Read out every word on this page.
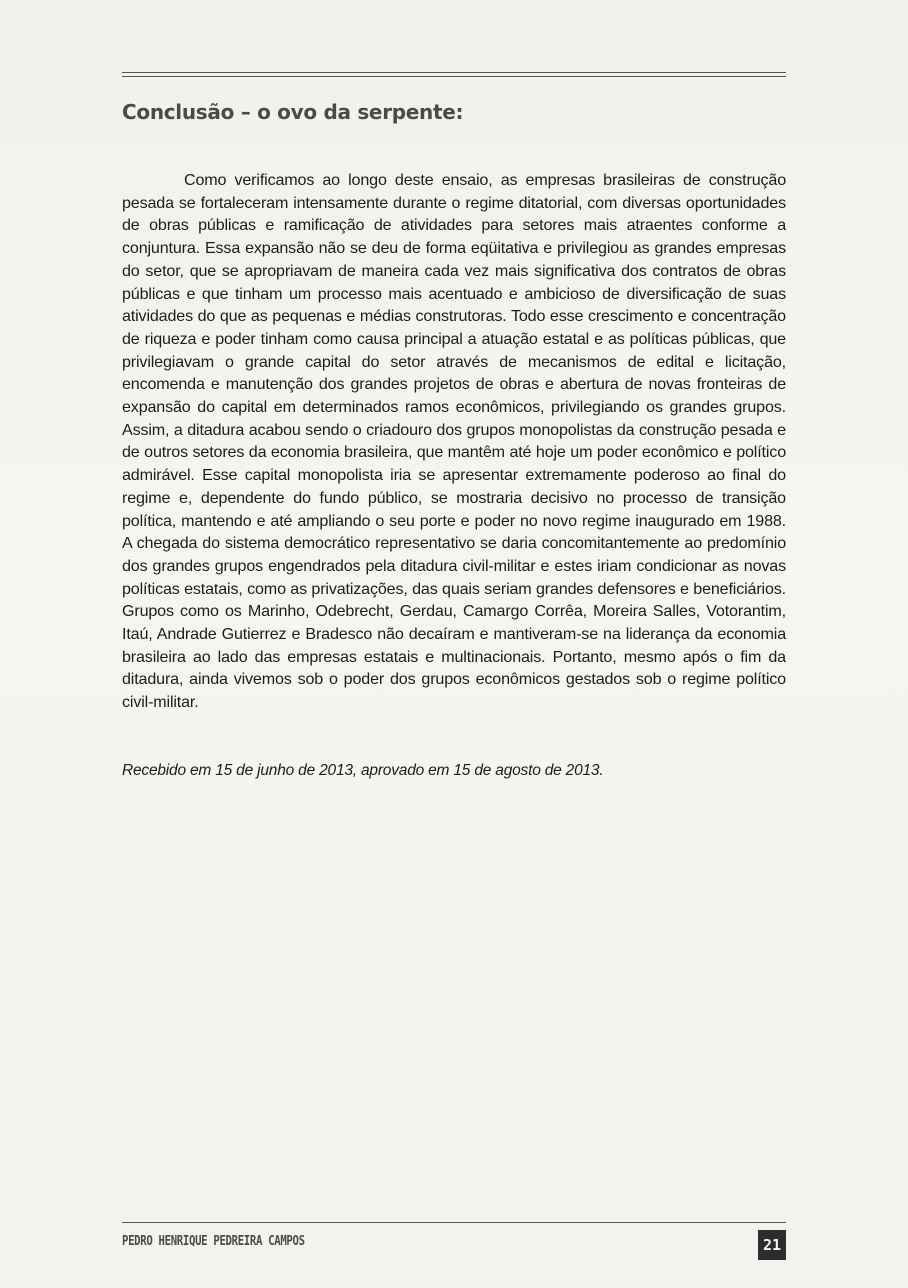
Conclusão – o ovo da serpente:

Como verificamos ao longo deste ensaio, as empresas brasileiras de construção pesada se fortaleceram intensamente durante o regime ditatorial, com diversas oportunidades de obras públicas e ramificação de atividades para setores mais atraentes conforme a conjuntura. Essa expansão não se deu de forma eqüitativa e privilegiou as grandes empresas do setor, que se apropriavam de maneira cada vez mais significativa dos contratos de obras públicas e que tinham um processo mais acentuado e ambicioso de diversificação de suas atividades do que as pequenas e médias construtoras. Todo esse crescimento e concentração de riqueza e poder tinham como causa principal a atuação estatal e as políticas públicas, que privilegiavam o grande capital do setor através de mecanismos de edital e licitação, encomenda e manutenção dos grandes projetos de obras e abertura de novas fronteiras de expansão do capital em determinados ramos econômicos, privilegiando os grandes grupos. Assim, a ditadura acabou sendo o criadouro dos grupos monopolistas da construção pesada e de outros setores da economia brasileira, que mantêm até hoje um poder econômico e político admirável. Esse capital monopolista iria se apresentar extremamente poderoso ao final do regime e, dependente do fundo público, se mostraria decisivo no processo de transição política, mantendo e até ampliando o seu porte e poder no novo regime inaugurado em 1988. A chegada do sistema democrático representativo se daria concomitantemente ao predomínio dos grandes grupos engendrados pela ditadura civil-militar e estes iriam condicionar as novas políticas estatais, como as privatizações, das quais seriam grandes defensores e beneficiários. Grupos como os Marinho, Odebrecht, Gerdau, Camargo Corrêa, Moreira Salles, Votorantim, Itaú, Andrade Gutierrez e Bradesco não decaíram e mantiveram-se na liderança da economia brasileira ao lado das empresas estatais e multinacionais. Portanto, mesmo após o fim da ditadura, ainda vivemos sob o poder dos grupos econômicos gestados sob o regime político civil-militar.

Recebido em 15 de junho de 2013, aprovado em 15 de agosto de 2013.

PEDRO HENRIQUE PEDREIRA CAMPOS	21
